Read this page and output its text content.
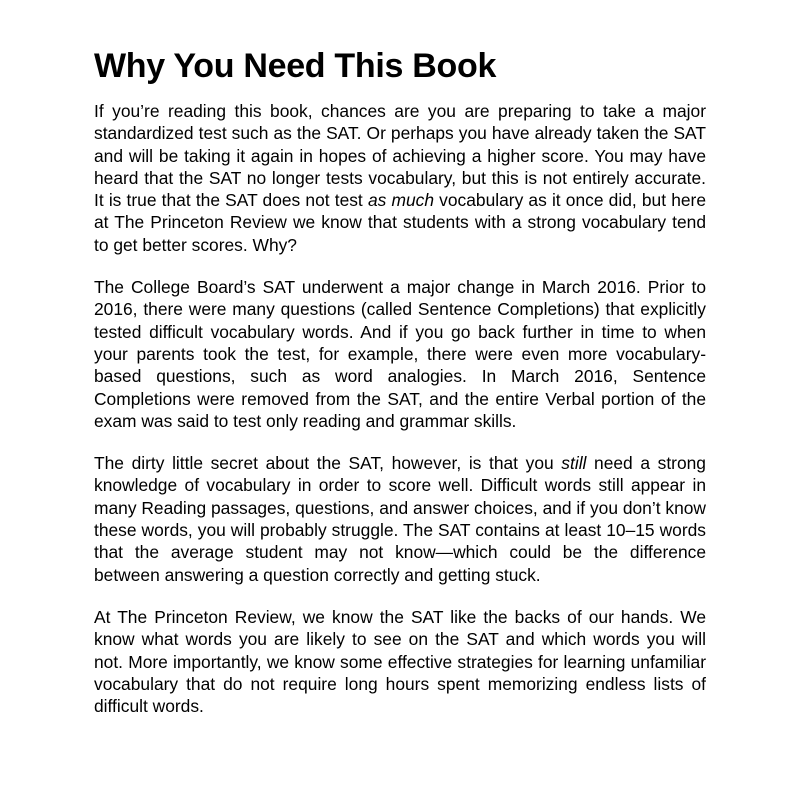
Why You Need This Book

If you’re reading this book, chances are you are preparing to take a major standardized test such as the SAT. Or perhaps you have already taken the SAT and will be taking it again in hopes of achieving a higher score. You may have heard that the SAT no longer tests vocabulary, but this is not entirely accurate. It is true that the SAT does not test as much vocabulary as it once did, but here at The Princeton Review we know that students with a strong vocabulary tend to get better scores. Why?

The College Board’s SAT underwent a major change in March 2016. Prior to 2016, there were many questions (called Sentence Completions) that explicitly tested difficult vocabulary words. And if you go back further in time to when your parents took the test, for example, there were even more vocabulary-based questions, such as word analogies. In March 2016, Sentence Completions were removed from the SAT, and the entire Verbal portion of the exam was said to test only reading and grammar skills.

The dirty little secret about the SAT, however, is that you still need a strong knowledge of vocabulary in order to score well. Difficult words still appear in many Reading passages, questions, and answer choices, and if you don’t know these words, you will probably struggle. The SAT contains at least 10–15 words that the average student may not know—which could be the difference between answering a question correctly and getting stuck.

At The Princeton Review, we know the SAT like the backs of our hands. We know what words you are likely to see on the SAT and which words you will not. More importantly, we know some effective strategies for learning unfamiliar vocabulary that do not require long hours spent memorizing endless lists of difficult words.
